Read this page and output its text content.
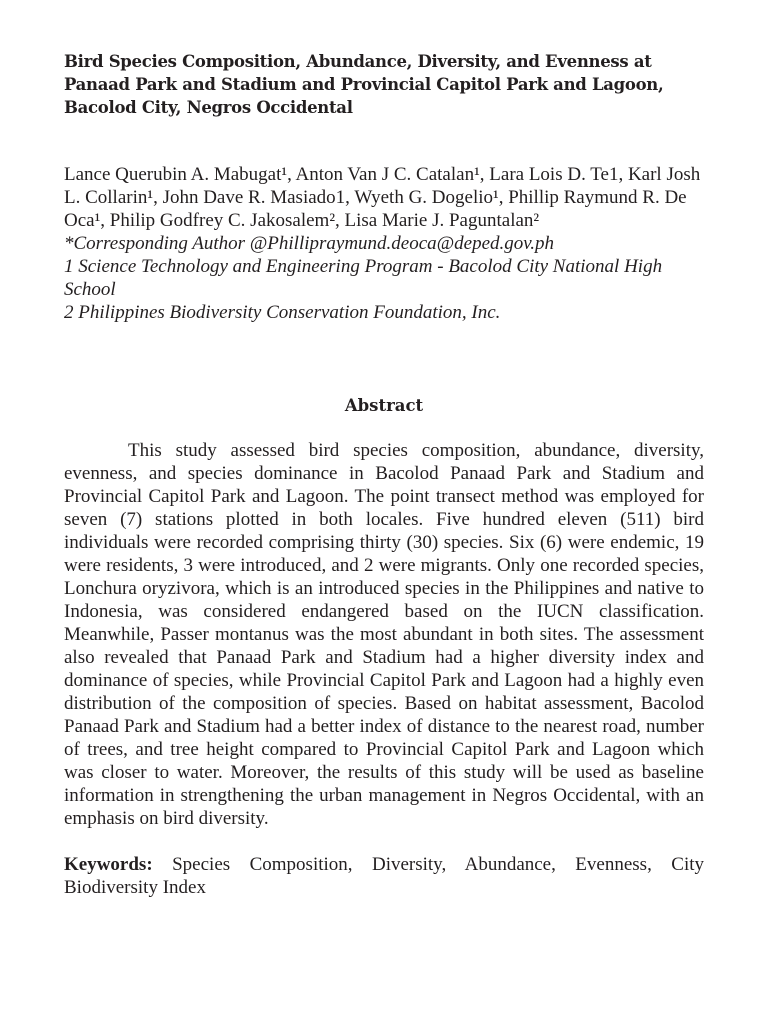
Bird Species Composition, Abundance, Diversity, and Evenness at Panaad Park and Stadium and Provincial Capitol Park and Lagoon, Bacolod City, Negros Occidental
Lance Querubin A. Mabugat¹, Anton Van J C. Catalan¹, Lara Lois D. Te1, Karl Josh L. Collarin¹, John Dave R. Masiado1, Wyeth G. Dogelio¹, Phillip Raymund R. De Oca¹, Philip Godfrey C. Jakosalem², Lisa Marie J. Paguntalan²
*Corresponding Author @Phillipraymund.deoca@deped.gov.ph
1 Science Technology and Engineering Program - Bacolod City National High School
2 Philippines Biodiversity Conservation Foundation, Inc.
Abstract

This study assessed bird species composition, abundance, diversity, evenness, and species dominance in Bacolod Panaad Park and Stadium and Provincial Capitol Park and Lagoon. The point transect method was employed for seven (7) stations plotted in both locales. Five hundred eleven (511) bird individuals were recorded comprising thirty (30) species. Six (6) were endemic, 19 were residents, 3 were introduced, and 2 were migrants. Only one recorded species, Lonchura oryzivora, which is an introduced species in the Philippines and native to Indonesia, was considered endangered based on the IUCN classification. Meanwhile, Passer montanus was the most abundant in both sites. The assessment also revealed that Panaad Park and Stadium had a higher diversity index and dominance of species, while Provincial Capitol Park and Lagoon had a highly even distribution of the composition of species. Based on habitat assessment, Bacolod Panaad Park and Stadium had a better index of distance to the nearest road, number of trees, and tree height compared to Provincial Capitol Park and Lagoon which was closer to water. Moreover, the results of this study will be used as baseline information in strengthening the urban management in Negros Occidental, with an emphasis on bird diversity.

Keywords: Species Composition, Diversity, Abundance, Evenness, City Biodiversity Index
